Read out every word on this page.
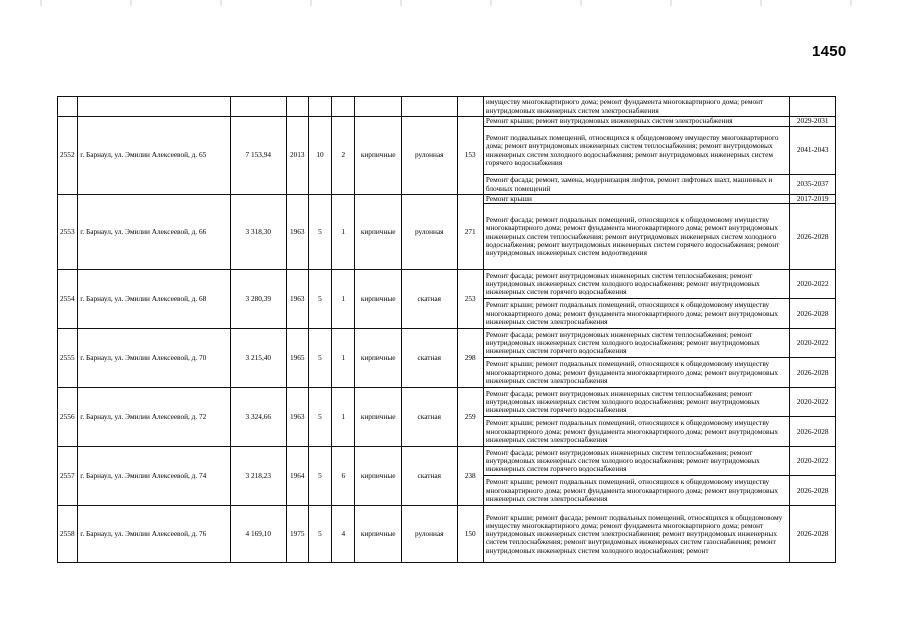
1450
									имуществу многоквартирного дома; ремонт фундамента многоквартирного дома; ремонт внутридомовых инженерных систем электроснабжения	
2552	г. Барнаул, ул. Эмилии Алексеевой, д. 65	7 153,94	2013	10	2	кирпичные	рулонная	153	Ремонт крыши; ремонт внутридомовых инженерных систем электроснабжения	2029-2031
									Ремонт подвальных помещений, относящихся к общедомовому имуществу многоквартирного дома; ремонт внутридомовых инженерных систем теплоснабжения; ремонт внутридомовых инженерных систем холодного водоснабжения; ремонт внутридомовых инженерных систем горячего водоснабжения	2041-2043
									Ремонт фасада; ремонт, замена, модернизация лифтов, ремонт лифтовых шахт, машинных и блочных помещений	2035-2037
2553	г. Барнаул, ул. Эмилии Алексеевой, д. 66	3 318,30	1963	5	1	кирпичные	рулонная	271	Ремонт крыши	2017-2019
									Ремонт фасада; ремонт подвальных помещений, относящихся к общедомовому имуществу многоквартирного дома; ремонт фундамента многоквартирного дома; ремонт внутридомовых инженерных систем теплоснабжения; ремонт внутридомовых инженерных систем холодного водоснабжения; ремонт внутридомовых инженерных систем горячего водоснабжения; ремонт внутридомовых инженерных систем водоотведения	2026-2028
2554	г. Барнаул, ул. Эмилии Алексеевой, д. 68	3 280,39	1963	5	1	кирпичные	скатная	253	Ремонт фасада; ремонт внутридомовых инженерных систем теплоснабжения; ремонт внутридомовых инженерных систем холодного водоснабжения; ремонт внутридомовых инженерных систем горячего водоснабжения	2020-2022
									Ремонт крыши; ремонт подвальных помещений, относящихся к общедомовому имуществу многоквартирного дома; ремонт фундамента многоквартирного дома; ремонт внутридомовых инженерных систем электроснабжения	2026-2028
2555	г. Барнаул, ул. Эмилии Алексеевой, д. 70	3 215,40	1965	5	1	кирпичные	скатная	298	Ремонт фасада; ремонт внутридомовых инженерных систем теплоснабжения; ремонт внутридомовых инженерных систем холодного водоснабжения; ремонт внутридомовых инженерных систем горячего водоснабжения	2020-2022
									Ремонт крыши; ремонт подвальных помещений, относящихся к общедомовому имуществу многоквартирного дома; ремонт фундамента многоквартирного дома; ремонт внутридомовых инженерных систем электроснабжения	2026-2028
2556	г. Барнаул, ул. Эмилии Алексеевой, д. 72	3 324,66	1963	5	1	кирпичные	скатная	259	Ремонт фасада; ремонт внутридомовых инженерных систем теплоснабжения; ремонт внутридомовых инженерных систем холодного водоснабжения; ремонт внутридомовых инженерных систем горячего водоснабжения	2020-2022
									Ремонт крыши; ремонт подвальных помещений, относящихся к общедомовому имуществу многоквартирного дома; ремонт фундамента многоквартирного дома; ремонт внутридомовых инженерных систем электроснабжения	2026-2028
2557	г. Барнаул, ул. Эмилии Алексеевой, д. 74	3 218,23	1964	5	6	кирпичные	скатная	238	Ремонт фасада; ремонт внутридомовых инженерных систем теплоснабжения; ремонт внутридомовых инженерных систем холодного водоснабжения; ремонт внутридомовых инженерных систем горячего водоснабжения	2020-2022
									Ремонт крыши; ремонт подвальных помещений, относящихся к общедомовому имуществу многоквартирного дома; ремонт фундамента многоквартирного дома; ремонт внутридомовых инженерных систем электроснабжения	2026-2028
2558	г. Барнаул, ул. Эмилии Алексеевой, д. 76	4 169,10	1975	5	4	кирпичные	рулонная	150	Ремонт крыши; ремонт фасада; ремонт подвальных помещений, относящихся к общедомовому имуществу многоквартирного дома; ремонт фундамента многоквартирного дома; ремонт внутридомовых инженерных систем электроснабжения; ремонт внутридомовых инженерных систем теплоснабжения; ремонт внутридомовых инженерных систем газоснабжения; ремонт внутридомовых инженерных систем холодного водоснабжения; ремонт	2026-2028
